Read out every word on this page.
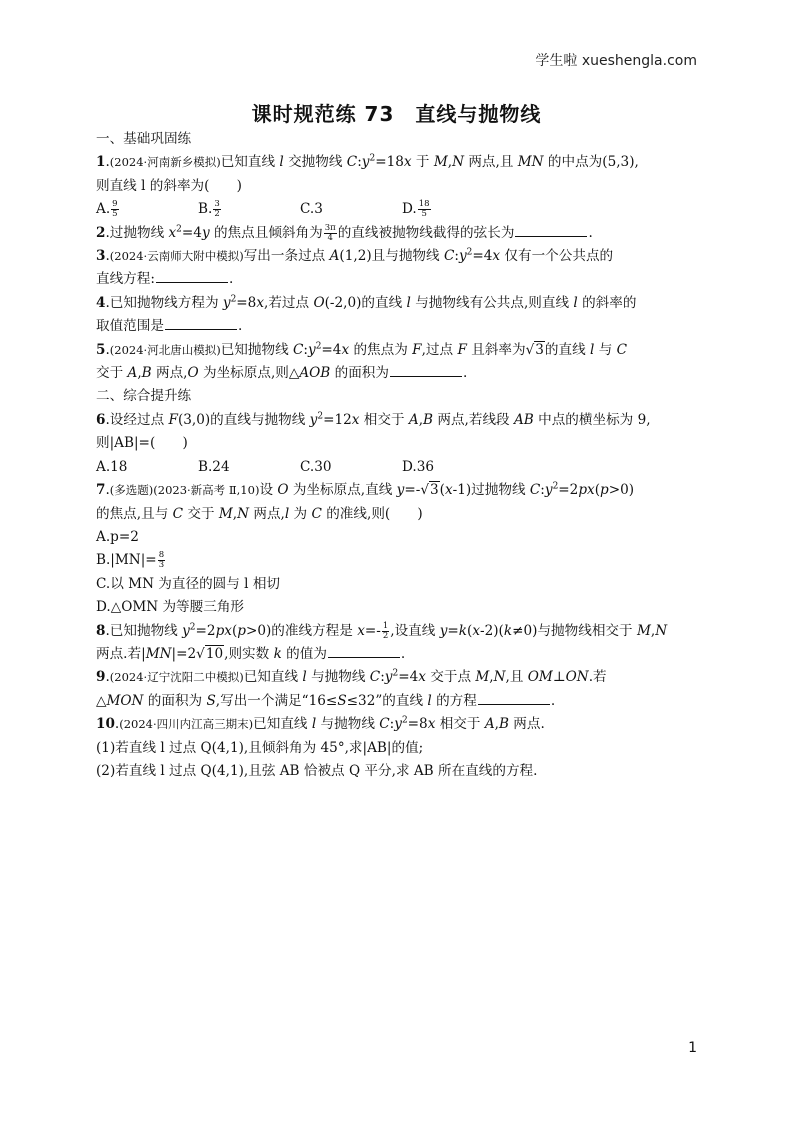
学生啦 xueshengla.com
课时规范练 73　直线与抛物线
一、基础巩固练
1.(2024·河南新乡模拟)已知直线 l 交抛物线 $C:y^2=18x$ 于 M,N 两点,且 MN 的中点为(5,3),
则直线 l 的斜率为(　　)
A. $\frac{9}{5}$	B. $\frac{3}{2}$	C.3	D. $\frac{18}{5}$
2.过抛物线 $x^2=4y$ 的焦点且倾斜角为 $\frac{3\pi}{4}$ 的直线被抛物线截得的弦长为	.
3.(2024·云南师大附中模拟)写出一条过点 A(1,2)且与抛物线 $C:y^2=4x$ 仅有一个公共点的
直线方程:	.
4.已知抛物线方程为 $y^2=8x$,若过点 O(-2,0)的直线 l 与抛物线有公共点,则直线 l 的斜率的
取值范围是	.
5.(2024·河北唐山模拟)已知抛物线 $C:y^2=4x$ 的焦点为 F,过点 F 且斜率为√3的直线 l 与 C
交于 A,B 两点,O 为坐标原点,则△AOB 的面积为	.
二、综合提升练
6.设经过点 F(3,0)的直线与抛物线 $y^2=12x$ 相交于 A,B 两点,若线段 AB 中点的横坐标为 9,
则|AB|=(　　)
A.18	B.24	C.30	D.36
7.(多选题)(2023·新高考 Ⅱ,10)设 O 为坐标原点,直线 y=-√3(x-1)过抛物线 $C:y^2=2px(p>0)$
的焦点,且与 C 交于 M,N 两点,l 为 C 的准线,则(　　)
A.p=2
$B.|MN|= \frac{8}{3}$
C.以 MN 为直径的圆与 l 相切
D.△OMN 为等腰三角形
8.已知抛物线 $y^2=2px(p>0)$的准线方程是 $x=- \frac{1}{2}$ ,设直线 y=k(x-2)(k≠0)与抛物线相交于 M,N
两点.若|MN|=2√10,则实数 k 的值为	.
9.(2024·辽宁沈阳二中模拟)已知直线 l 与抛物线 $C:y^2=4x$ 交于点 M,N,且 OM⊥ON.若
△MON 的面积为 S,写出一个满足“16≤S≤32”的直线 l 的方程	.
10.(2024·四川内江高三期末)已知直线 l 与抛物线 $C:y^2=8x$ 相交于 A,B 两点.
(1)若直线 l 过点 Q(4,1),且倾斜角为 45°,求|AB|的值;
(2)若直线 l 过点 Q(4,1),且弦 AB 恰被点 Q 平分,求 AB 所在直线的方程.
1
